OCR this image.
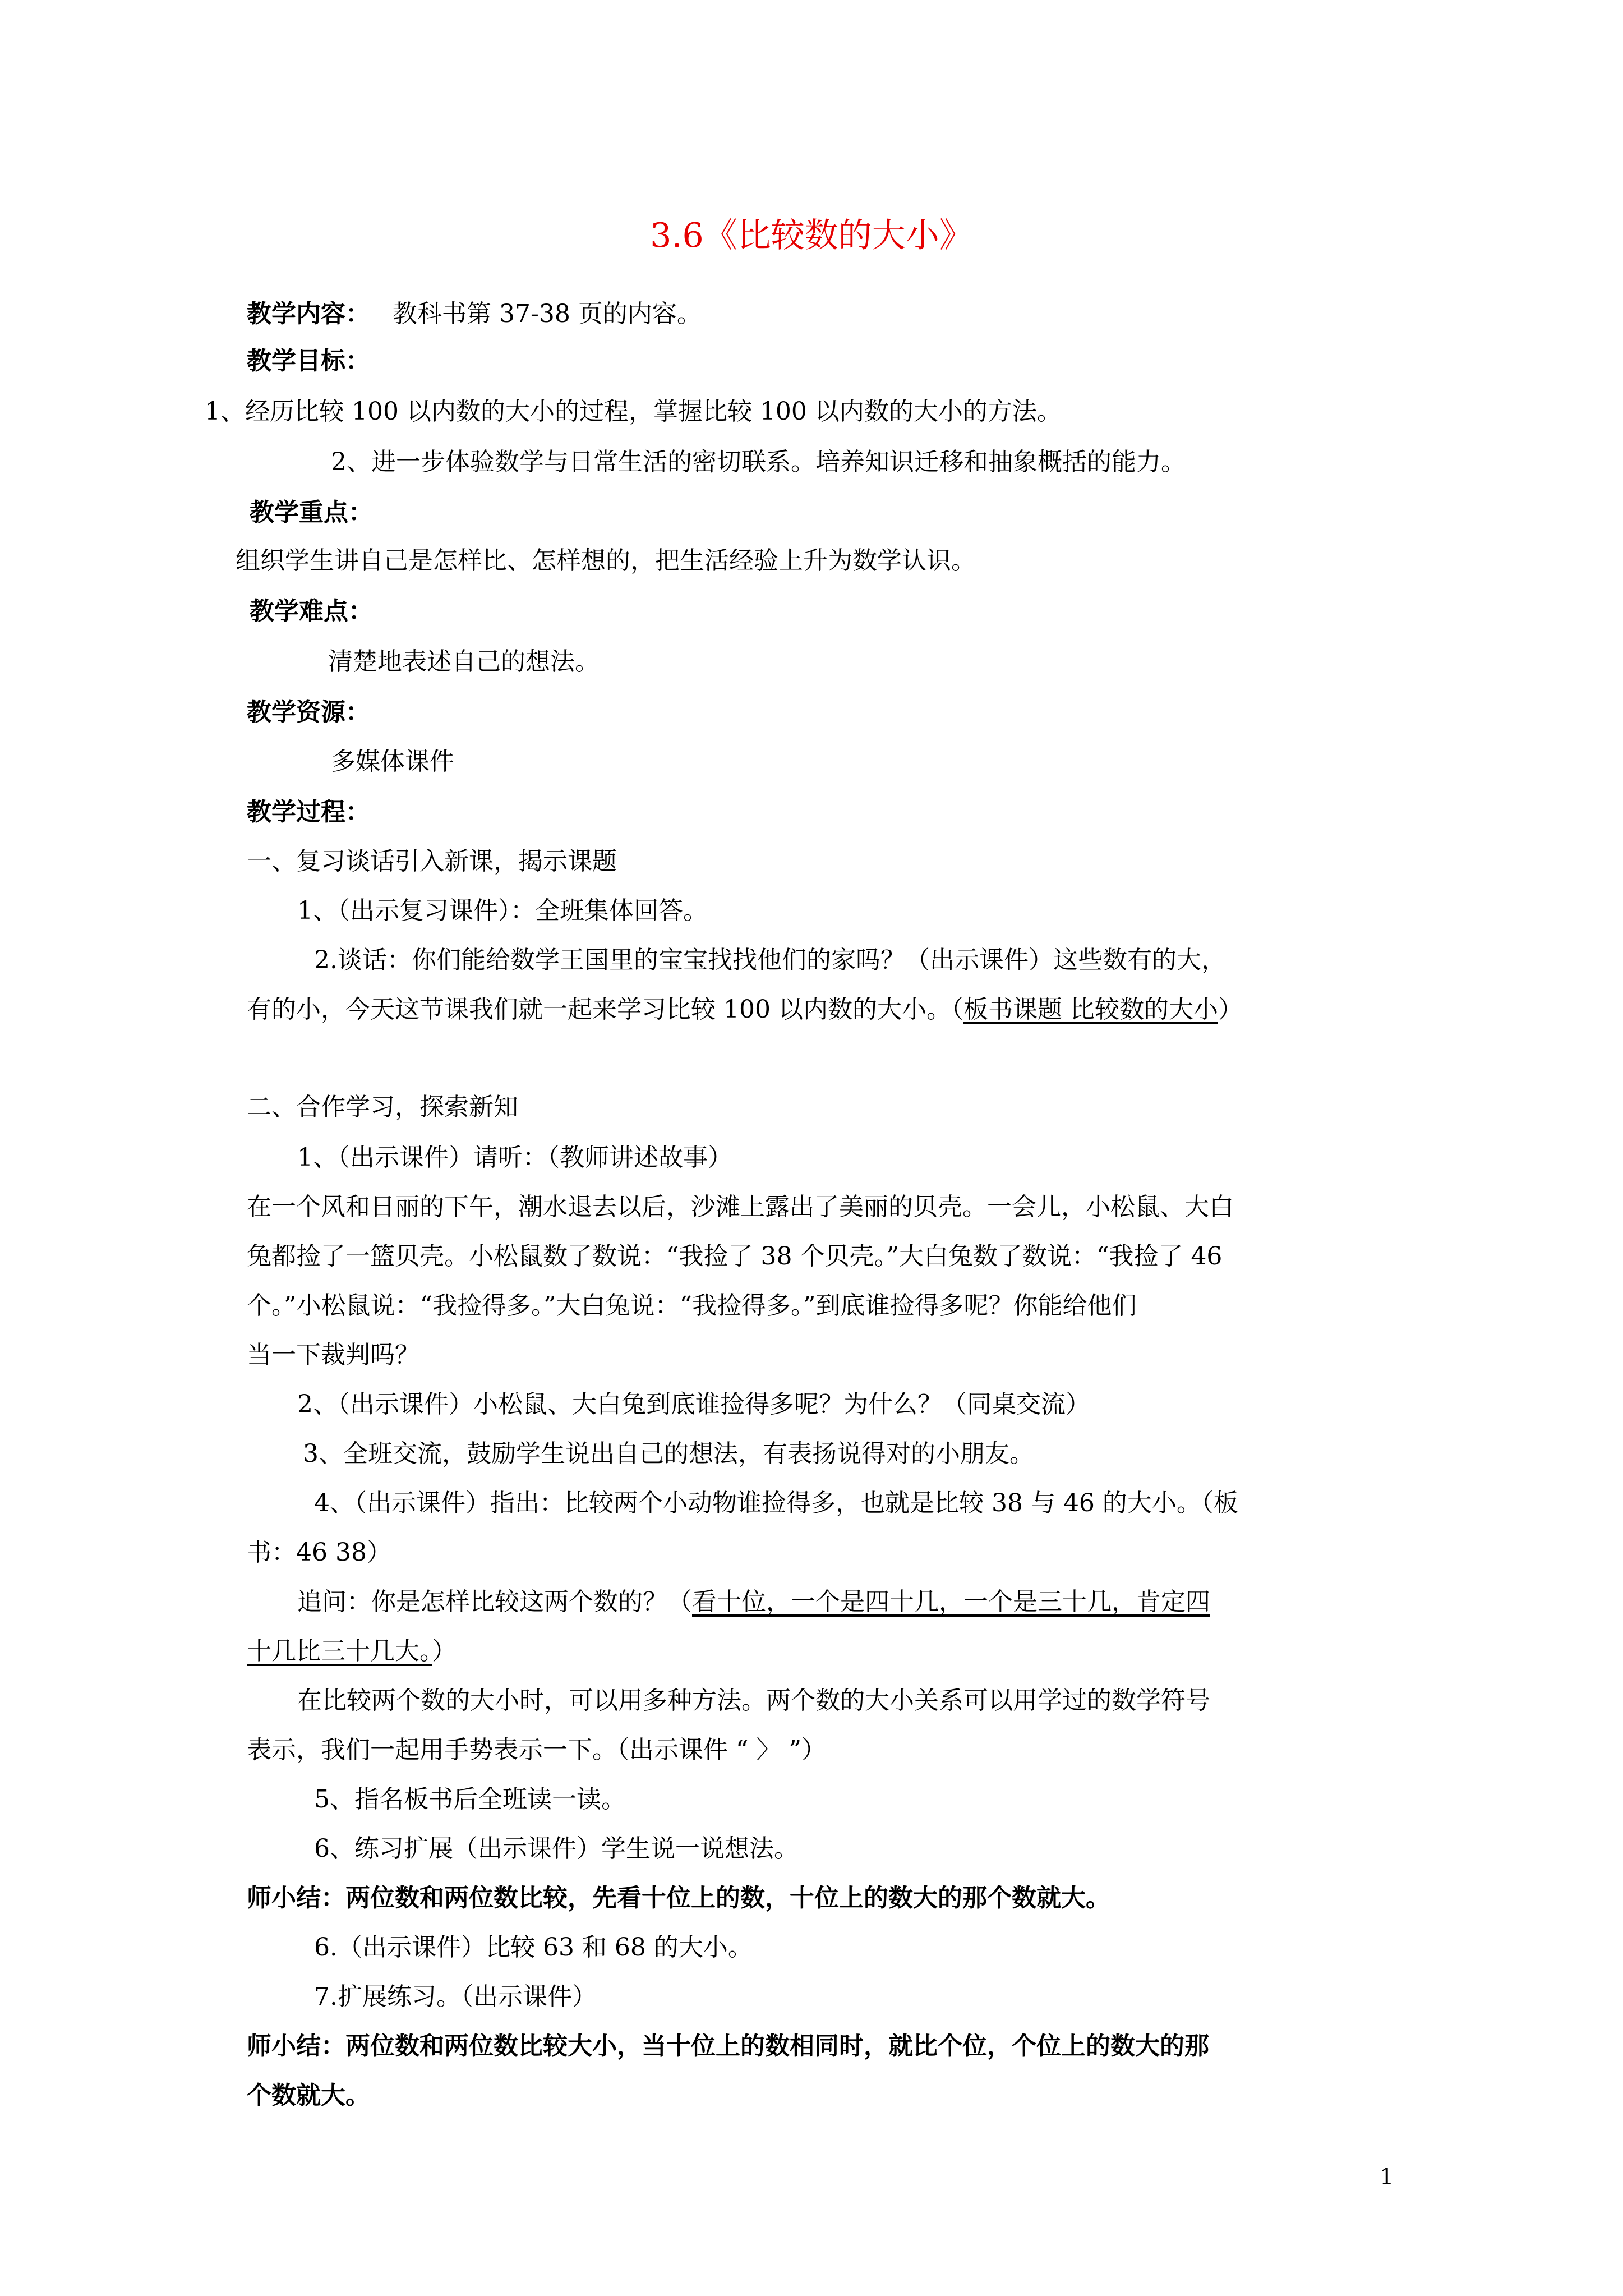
3.6《比较数的大小》
教学内容： 教科书第 37-38 页的内容。
教学目标：
1、经历比较 100 以内数的大小的过程，掌握比较 100 以内数的大小的方法。
2、进一步体验数学与日常生活的密切联系。培养知识迁移和抽象概括的能力。
教学重点：
组织学生讲自己是怎样比、怎样想的，把生活经验上升为数学认识。
教学难点：
清楚地表述自己的想法。
教学资源：
多媒体课件
教学过程：
一、复习谈话引入新课，揭示课题
1、（出示复习课件）：全班集体回答。
2.谈话：你们能给数学王国里的宝宝找找他们的家吗？（出示课件）这些数有的大，
有的小，今天这节课我们就一起来学习比较 100 以内数的大小。（板书课题 比较数的大小）
二、合作学习，探索新知
1、（出示课件）请听：（教师讲述故事）
在一个风和日丽的下午，潮水退去以后，沙滩上露出了美丽的贝壳。一会儿，小松鼠、大白
兔都捡了一篮贝壳。小松鼠数了数说：“我捡了 38 个贝壳。”大白兔数了数说：“我捡了 46
个。”小松鼠说：“我捡得多。”大白兔说：“我捡得多。”到底谁捡得多呢？你能给他们
当一下裁判吗？
2、（出示课件）小松鼠、大白兔到底谁捡得多呢？为什么？（同桌交流）
3、全班交流，鼓励学生说出自己的想法，有表扬说得对的小朋友。
4、（出示课件）指出：比较两个小动物谁捡得多，也就是比较 38 与 46 的大小。（板
书：46 38）
追问：你是怎样比较这两个数的？（看十位，一个是四十几，一个是三十几，肯定四
十几比三十几大。）
在比较两个数的大小时，可以用多种方法。两个数的大小关系可以用学过的数学符号
表示，我们一起用手势表示一下。（出示课件 “ 〉 ”）
5、指名板书后全班读一读。
6、练习扩展（出示课件）学生说一说想法。
师小结：两位数和两位数比较，先看十位上的数，十位上的数大的那个数就大。
6.（出示课件）比较 63 和 68 的大小。
7.扩展练习。（出示课件）
师小结：两位数和两位数比较大小，当十位上的数相同时，就比个位，个位上的数大的那
个数就大。
1
